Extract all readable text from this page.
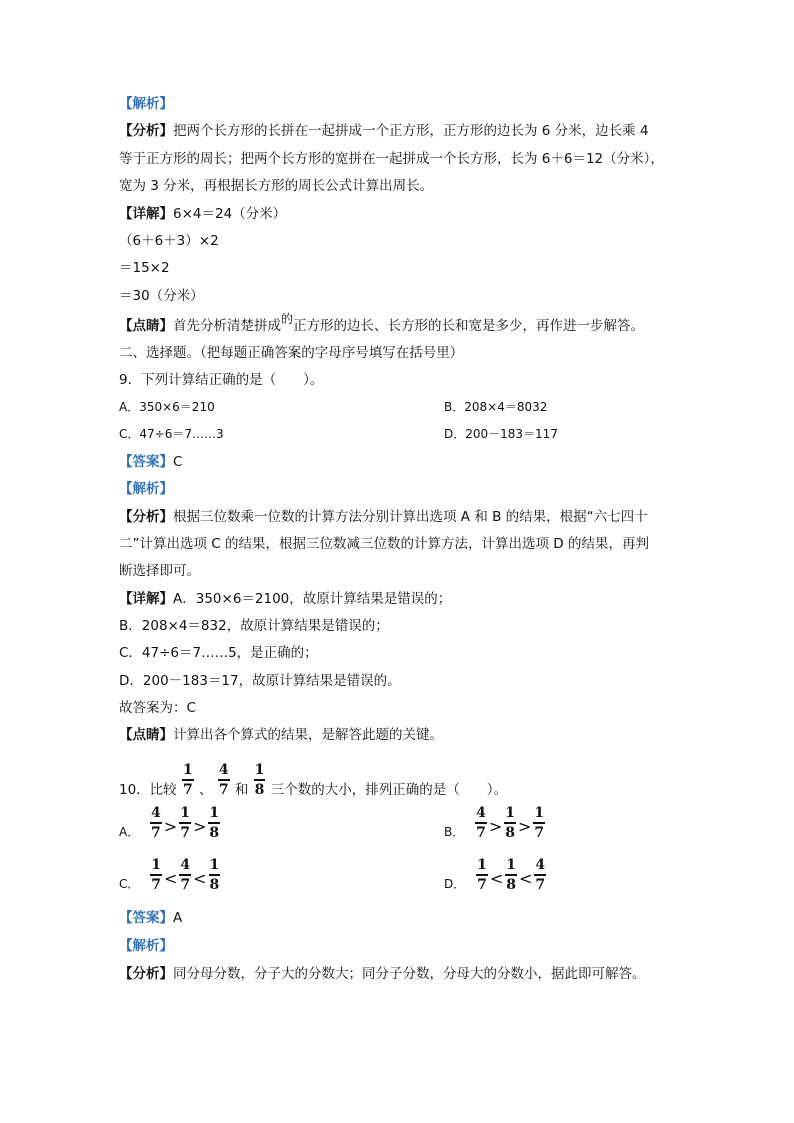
【解析】
【分析】把两个长方形的长拼在一起拼成一个正方形，正方形的边长为 6 分米，边长乘 4
等于正方形的周长；把两个长方形的宽拼在一起拼成一个长方形，长为 6＋6＝12（分米），
宽为 3 分米，再根据长方形的周长公式计算出周长。
【详解】6×4＝24（分米）
（6＋6＋3）×2
＝15×2
＝30（分米）
【点睛】首先分析清楚拼成的正方形的边长、长方形的长和宽是多少，再作进一步解答。
二、选择题。（把每题正确答案的字母序号填写在括号里）
9．下列计算结正确的是（　　）。
A．350×6＝210	B．208×4＝8032
C．47÷6＝7……3	D．200－183＝117
【答案】C
【解析】
【分析】根据三位数乘一位数的计算方法分别计算出选项 A 和 B 的结果，根据“六七四十
二”计算出选项 C 的结果，根据三位数减三位数的计算方法，计算出选项 D 的结果，再判
断选择即可。
【详解】A．350×6＝2100，故原计算结果是错误的；
B．208×4＝832，故原计算结果是错误的；
C．47÷6＝7……5，是正确的；
D．200－183＝17，故原计算结果是错误的。
故答案为：C
【点睛】计算出各个算式的结果，是解答此题的关键。
10．比较 $\frac{1}{7}$ 、 $\frac{4}{7}$ 和 $\frac{1}{8}$ 三个数的大小，排列正确的是（　　）。
A． $\frac{4}{7} > \frac{1}{7} > \frac{1}{8}$	B． $\frac{4}{7} > \frac{1}{8} > \frac{1}{7}$
C． $\frac{1}{7} < \frac{4}{7} < \frac{1}{8}$	D． $\frac{1}{7} < \frac{1}{8} < \frac{4}{7}$
【答案】A
【解析】
【分析】同分母分数，分子大的分数大；同分子分数，分母大的分数小，据此即可解答。
